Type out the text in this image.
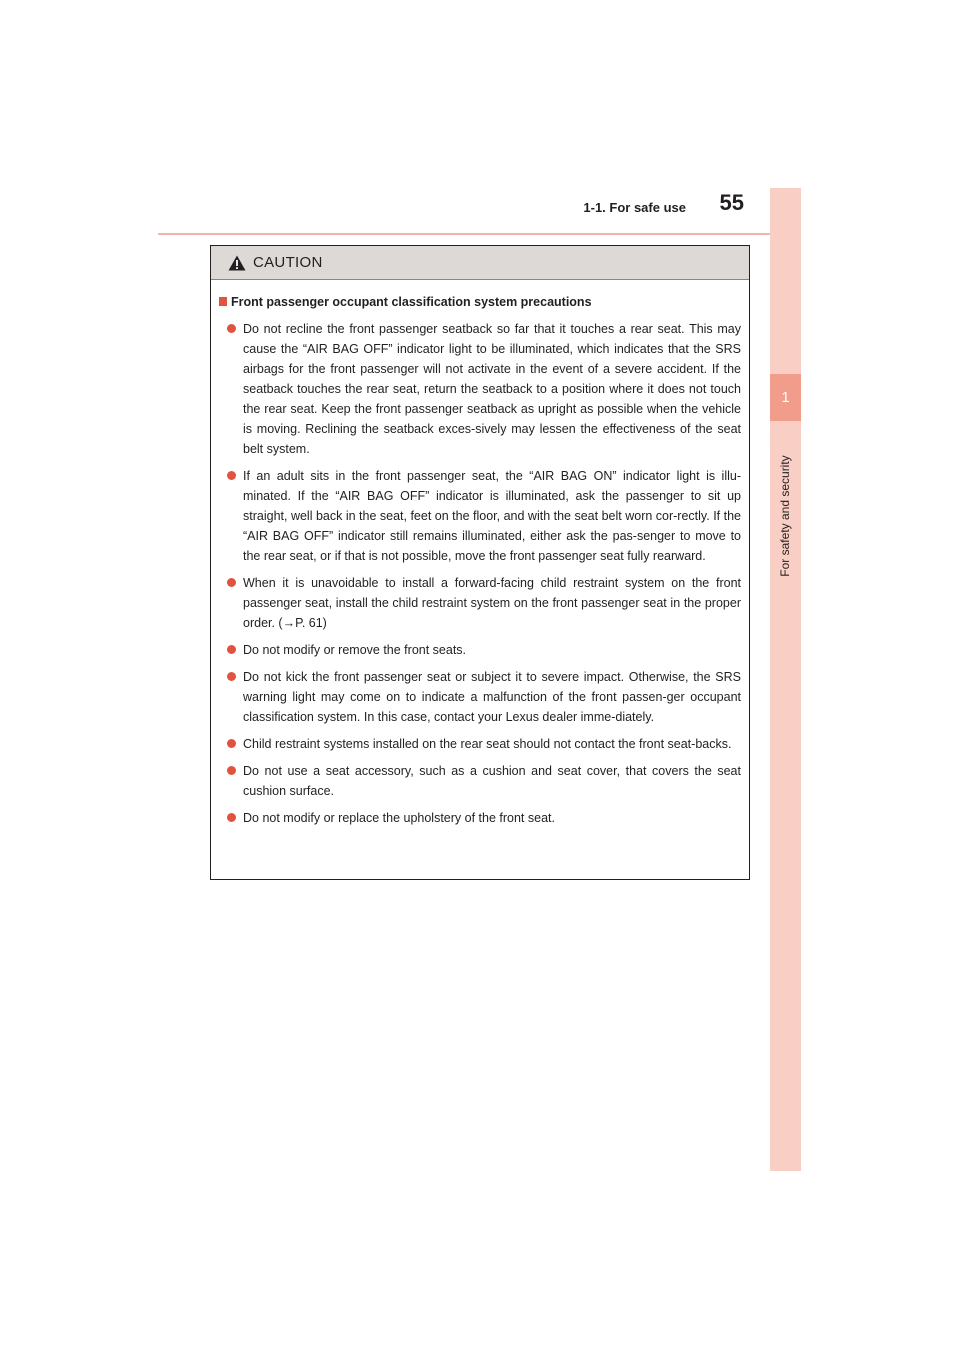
1-1. For safe use	55
1
For safety and security
CAUTION
Front passenger occupant classification system precautions
Do not recline the front passenger seatback so far that it touches a rear seat. This may cause the “AIR BAG OFF” indicator light to be illuminated, which indicates that the SRS airbags for the front passenger will not activate in the event of a severe accident. If the seatback touches the rear seat, return the seatback to a position where it does not touch the rear seat. Keep the front passenger seatback as upright as possible when the vehicle is moving. Reclining the seatback exces-sively may lessen the effectiveness of the seat belt system.
If an adult sits in the front passenger seat, the “AIR BAG ON” indicator light is illu-minated. If the “AIR BAG OFF” indicator is illuminated, ask the passenger to sit up straight, well back in the seat, feet on the floor, and with the seat belt worn cor-rectly. If the “AIR BAG OFF” indicator still remains illuminated, either ask the pas-senger to move to the rear seat, or if that is not possible, move the front passenger seat fully rearward.
When it is unavoidable to install a forward-facing child restraint system on the front passenger seat, install the child restraint system on the front passenger seat in the proper order. (→P. 61)
Do not modify or remove the front seats.
Do not kick the front passenger seat or subject it to severe impact. Otherwise, the SRS warning light may come on to indicate a malfunction of the front passen-ger occupant classification system. In this case, contact your Lexus dealer imme-diately.
Child restraint systems installed on the rear seat should not contact the front seat-backs.
Do not use a seat accessory, such as a cushion and seat cover, that covers the seat cushion surface.
Do not modify or replace the upholstery of the front seat.
